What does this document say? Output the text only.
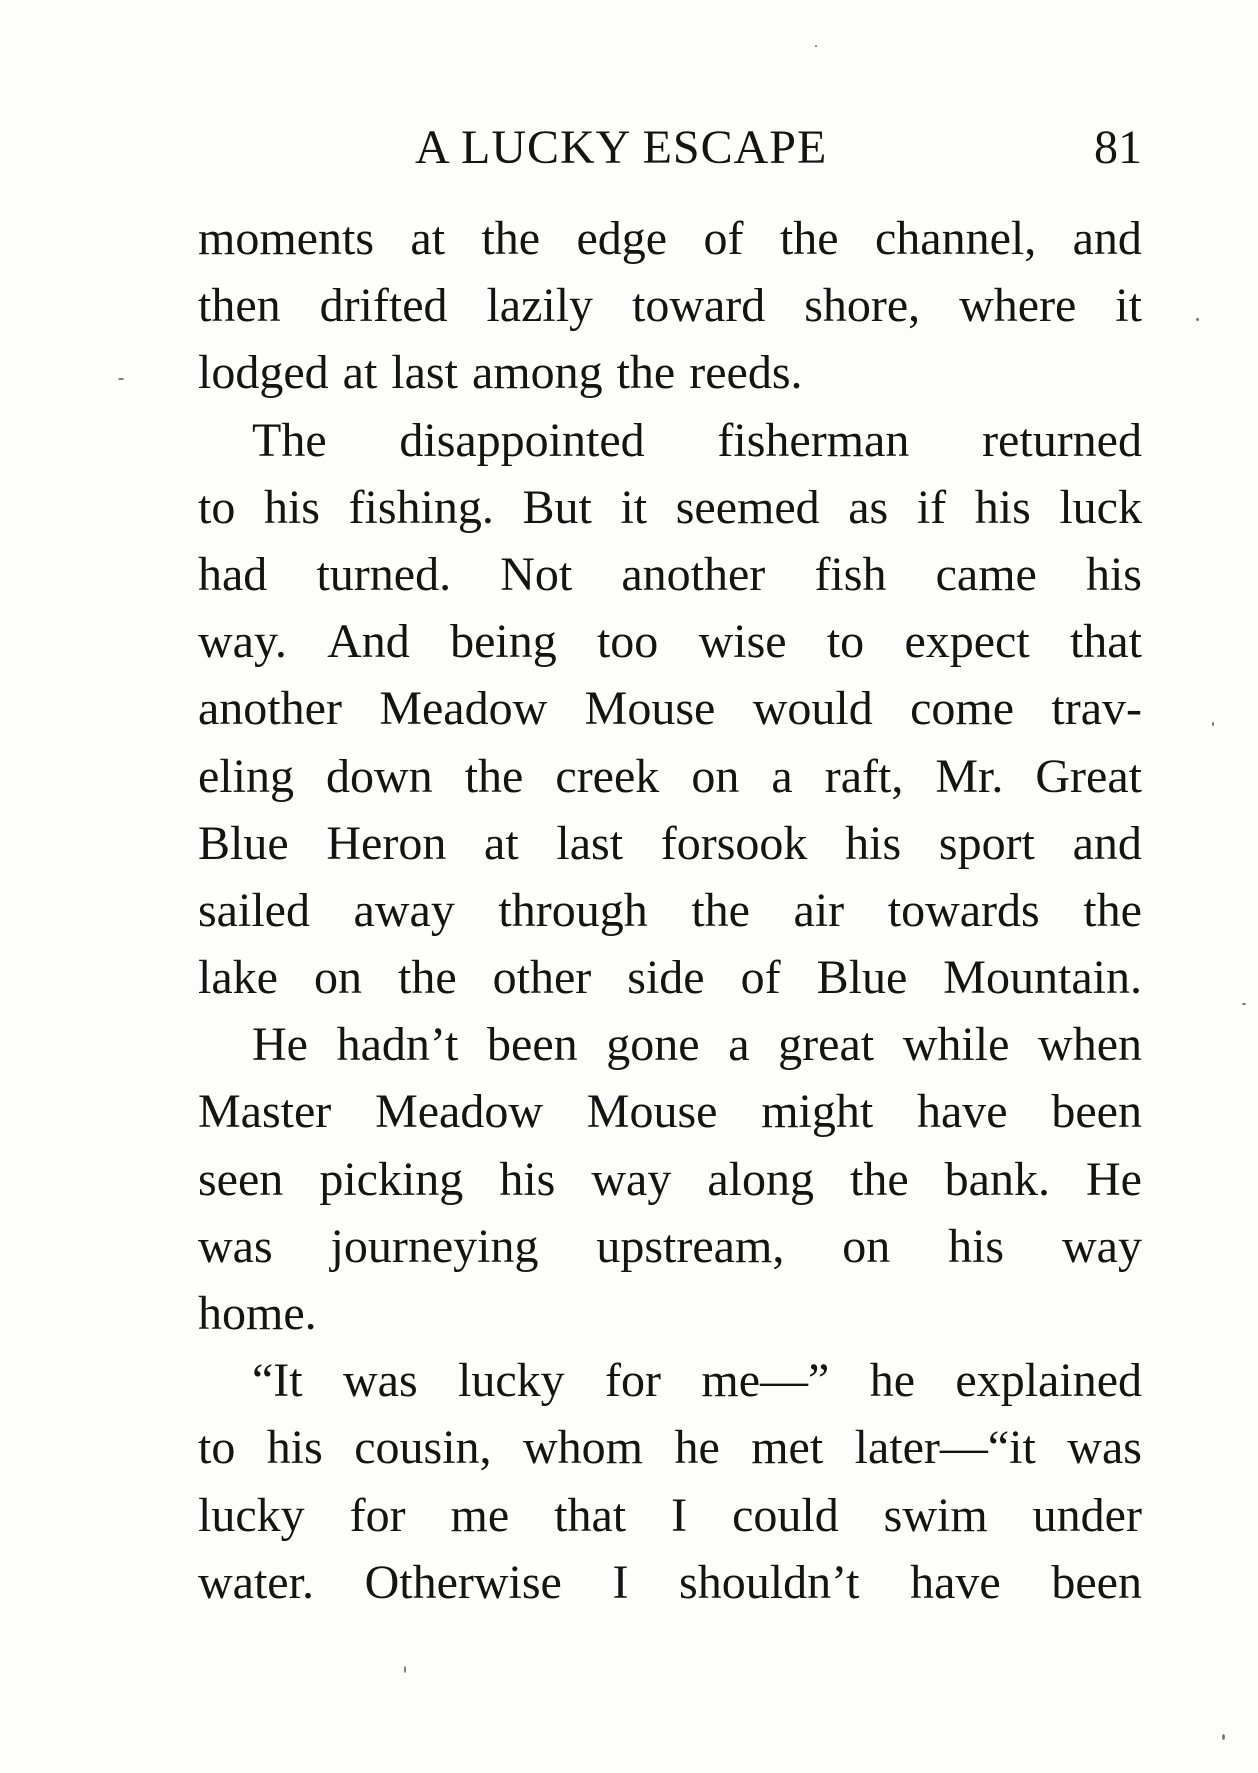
A LUCKY ESCAPE	81
moments at the edge of the channel, and
then drifted lazily toward shore, where it
lodged at last among the reeds.
The disappointed fisherman returned
to his fishing. But it seemed as if his luck
had turned. Not another fish came his
way. And being too wise to expect that
another Meadow Mouse would come trav-
eling down the creek on a raft, Mr. Great
Blue Heron at last forsook his sport and
sailed away through the air towards the
lake on the other side of Blue Mountain.
He hadn’t been gone a great while when
Master Meadow Mouse might have been
seen picking his way along the bank. He
was journeying upstream, on his way
home.
“It was lucky for me—” he explained
to his cousin, whom he met later—“it was
lucky for me that I could swim under
water. Otherwise I shouldn’t have been
